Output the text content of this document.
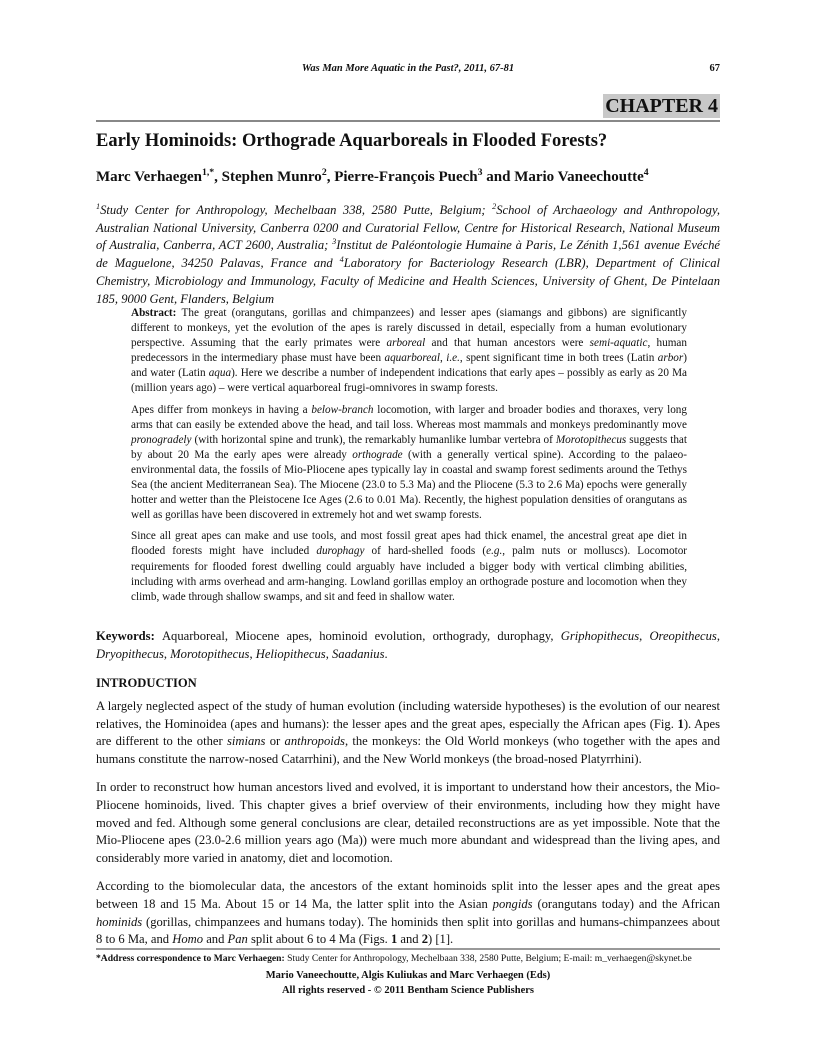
Was Man More Aquatic in the Past?, 2011, 67-81	67
CHAPTER 4
Early Hominoids: Orthograde Aquarboreals in Flooded Forests?
Marc Verhaegen$^{1,*}$, Stephen Munro$^2$, Pierre-François Puech$^3$ and Mario Vaneechoutte$^4$

$^1$Study Center for Anthropology, Mechelbaan 338, 2580 Putte, Belgium; $^2$School of Archaeology and Anthropology, Australian National University, Canberra 0200 and Curatorial Fellow, Centre for Historical Research, National Museum of Australia, Canberra, ACT 2600, Australia; $^3$Institut de Paléontologie Humaine à Paris, Le Zénith 1,561 avenue Evéché de Maguelone, 34250 Palavas, France and $^4$Laboratory for Bacteriology Research (LBR), Department of Clinical Chemistry, Microbiology and Immunology, Faculty of Medicine and Health Sciences, University of Ghent, De Pintelaan 185, 9000 Gent, Flanders, Belgium

Abstract: The great (orangutans, gorillas and chimpanzees) and lesser apes (siamangs and gibbons) are significantly different to monkeys, yet the evolution of the apes is rarely discussed in detail, especially from a human evolutionary perspective. Assuming that the early primates were arboreal and that human ancestors were semi-aquatic, human predecessors in the intermediary phase must have been aquarboreal, i.e., spent significant time in both trees (Latin arbor) and water (Latin aqua). Here we describe a number of independent indications that early apes – possibly as early as 20 Ma (million years ago) – were vertical aquarboreal frugi-omnivores in swamp forests.

Apes differ from monkeys in having a below-branch locomotion, with larger and broader bodies and thoraxes, very long arms that can easily be extended above the head, and tail loss. Whereas most mammals and monkeys predominantly move pronogradely (with horizontal spine and trunk), the remarkably humanlike lumbar vertebra of Morotopithecus suggests that by about 20 Ma the early apes were already orthograde (with a generally vertical spine). According to the palaeo-environmental data, the fossils of Mio-Pliocene apes typically lay in coastal and swamp forest sediments around the Tethys Sea (the ancient Mediterranean Sea). The Miocene (23.0 to 5.3 Ma) and the Pliocene (5.3 to 2.6 Ma) epochs were generally hotter and wetter than the Pleistocene Ice Ages (2.6 to 0.01 Ma). Recently, the highest population densities of orangutans as well as gorillas have been discovered in extremely hot and wet swamp forests.

Since all great apes can make and use tools, and most fossil great apes had thick enamel, the ancestral great ape diet in flooded forests might have included durophagy of hard-shelled foods (e.g., palm nuts or molluscs). Locomotor requirements for flooded forest dwelling could arguably have included a bigger body with vertical climbing abilities, including with arms overhead and arm-hanging. Lowland gorillas employ an orthograde posture and locomotion when they climb, wade through shallow swamps, and sit and feed in shallow water.

Keywords: Aquarboreal, Miocene apes, hominoid evolution, orthogrady, durophagy, Griphopithecus, Oreopithecus, Dryopithecus, Morotopithecus, Heliopithecus, Saadanius.

INTRODUCTION

A largely neglected aspect of the study of human evolution (including waterside hypotheses) is the evolution of our nearest relatives, the Hominoidea (apes and humans): the lesser apes and the great apes, especially the African apes (Fig. 1). Apes are different to the other simians or anthropoids, the monkeys: the Old World monkeys (who together with the apes and humans constitute the narrow-nosed Catarrhini), and the New World monkeys (the broad-nosed Platyrrhini).

In order to reconstruct how human ancestors lived and evolved, it is important to understand how their ancestors, the Mio-Pliocene hominoids, lived. This chapter gives a brief overview of their environments, including how they might have moved and fed. Although some general conclusions are clear, detailed reconstructions are as yet impossible. Note that the Mio-Pliocene apes (23.0-2.6 million years ago (Ma)) were much more abundant and widespread than the living apes, and considerably more varied in anatomy, diet and locomotion.

According to the biomolecular data, the ancestors of the extant hominoids split into the lesser apes and the great apes between 18 and 15 Ma. About 15 or 14 Ma, the latter split into the Asian pongids (orangutans today) and the African hominids (gorillas, chimpanzees and humans today). The hominids then split into gorillas and humans-chimpanzees about 8 to 6 Ma, and Homo and Pan split about 6 to 4 Ma (Figs. 1 and 2) [1].

*Address correspondence to Marc Verhaegen: Study Center for Anthropology, Mechelbaan 338, 2580 Putte, Belgium; E-mail: m_verhaegen@skynet.be
Mario Vaneechoutte, Algis Kuliukas and Marc Verhaegen (Eds)
All rights reserved - © 2011 Bentham Science Publishers
